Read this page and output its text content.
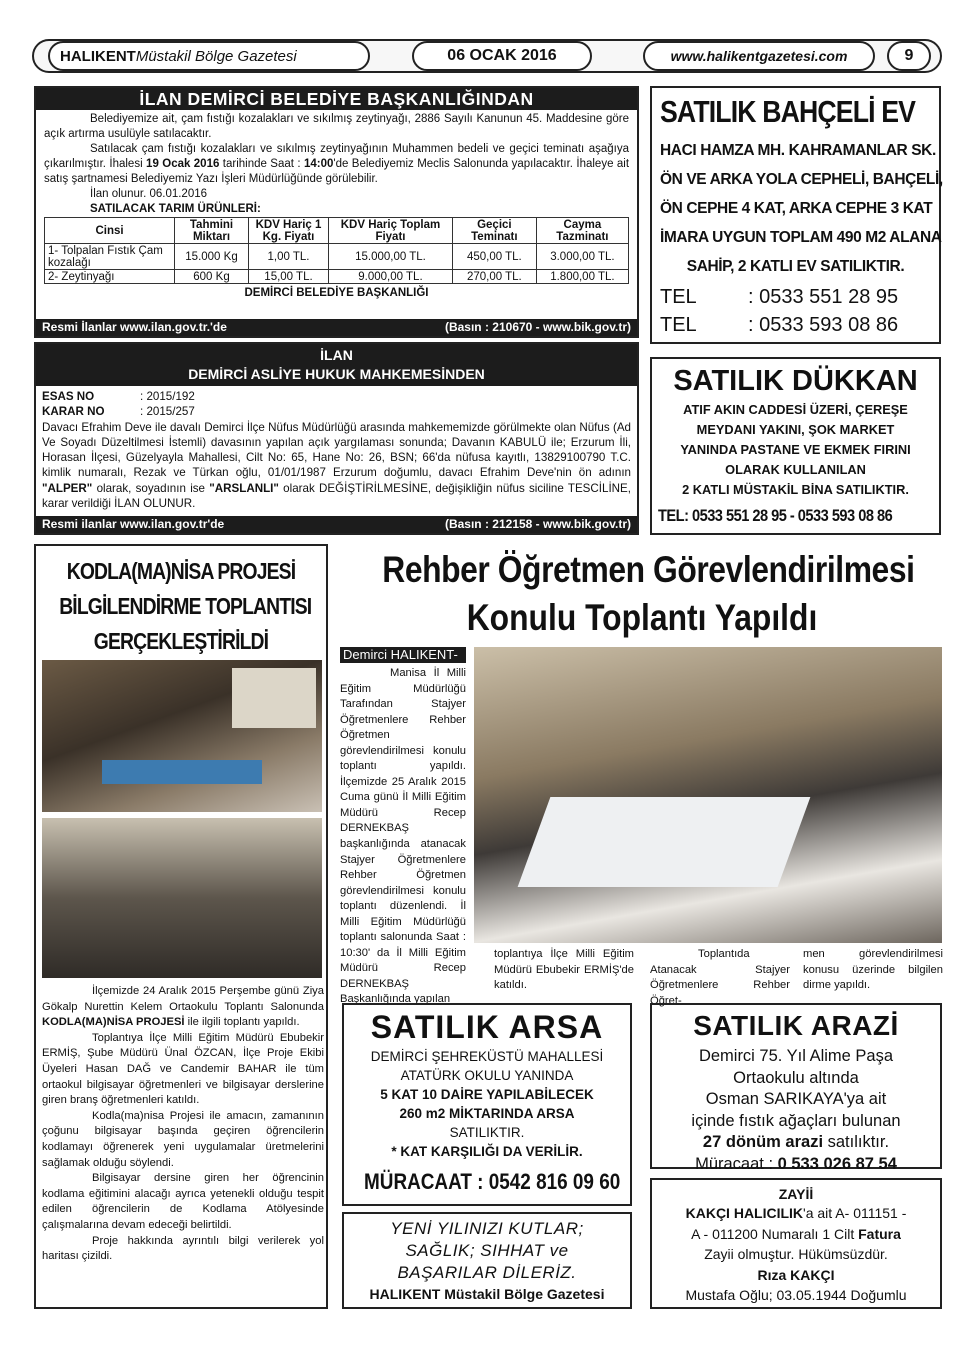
HALIKENT Müstakil Bölge Gazetesi	06 OCAK 2016	www.halikentgazetesi.com	9
İLAN DEMİRCİ BELEDİYE BAŞKANLIĞINDAN

Belediyemize ait, çam fıstığı kozalakları ve sıkılmış zeytinyağı, 2886 Sayılı Kanunun 45. Maddesine göre açık artırma usulüyle satılacaktır.

Satılacak çam fıstığı kozalakları ve sıkılmış zeytinyağının Muhammen bedeli ve geçici teminatı aşağıya çıkarılmıştır. İhalesi 19 Ocak 2016 tarihinde Saat : 14:00'de Belediyemiz Meclis Salonunda yapılacaktır. İhaleye ait satış şartnamesi Belediyemiz Yazı İşleri Müdürlüğünde görülebilir.

İlan olunur. 06.01.2016

SATILACAK TARIM ÜRÜNLERİ:

Cinsi	Tahmini Miktarı	KDV Hariç 1 Kg. Fiyatı	KDV Hariç Toplam Fiyatı	Geçici Teminatı	Cayma Tazminatı
1- Tolpalan Fıstık Çam kozalağı	15.000 Kg	1,00 TL.	15.000,00 TL.	450,00 TL.	3.000,00 TL.
2- Zeytinyağı	600 Kg	15,00 TL.	9.000,00 TL.	270,00 TL.	1.800,00 TL.

DEMİRCİ BELEDİYE BAŞKANLIĞI

Resmi İlanlar www.ilan.gov.tr.'de	(Basın : 210670 - www.bik.gov.tr)
İLAN
DEMİRCİ ASLİYE HUKUK MAHKEMESİNDEN
ESAS NO	: 2015/192
KARAR NO	: 2015/257

Davacı Efrahim Deve ile davalı Demirci İlçe Nüfus Müdürlüğü arasında mahkememizde görülmekte olan Nüfus (Ad Ve Soyadı Düzeltilmesi İstemli) davasının yapılan açık yargılaması sonunda; Davanın KABULÜ ile; Erzurum İli, Horasan İlçesi, Güzelyayla Mahallesi, Cilt No: 65, Hane No: 26, BSN; 66'da nüfusa kayıtlı, 13829100790 T.C. kimlik numaralı, Rezak ve Türkan oğlu, 01/01/1987 Erzurum doğumlu, davacı Efrahim Deve'nin ön adının "ALPER" olarak, soyadının ise "ARSLANLI" olarak DEĞİŞTİRİLMESİNE, değişikliğin nüfus siciline TESCİLİNE, karar verildiği İLAN OLUNUR.

Resmi ilanlar www.ilan.gov.tr'de	(Basın : 212158 - www.bik.gov.tr)
SATILIK BAHÇELİ EV
HACI HAMZA MH. KAHRAMANLAR SK.
ÖN VE ARKA YOLA CEPHELİ, BAHÇELİ,
ÖN CEPHE 4 KAT, ARKA CEPHE 3 KAT
İMARA UYGUN TOPLAM 490 M2 ALANA
SAHİP, 2 KATLI EV SATILIKTIR.
TEL	: 0533 551 28 95
TEL	: 0533 593 08 86
SATILIK DÜKKAN
ATIF AKIN CADDESİ ÜZERİ, ÇEREŞE
MEYDANI YAKINI, ŞOK MARKET
YANINDA PASTANE VE EKMEK FIRINI
OLARAK KULLANILAN
2 KATLI MÜSTAKİL BİNA SATILIKTIR.
TEL: 0533 551 28 95 - 0533 593 08 86
KODLA(MA)NİSA PROJESİ
BİLGİLENDİRME TOPLANTISI
GERÇEKLEŞTİRİLDİ

İlçemizde 24 Aralık 2015 Perşembe günü Ziya Gökalp Nurettin Kelem Ortaokulu Toplantı Salonunda KODLA(MA)NİSA PROJESİ ile ilgili toplantı yapıldı.

Toplantıya İlçe Milli Eğitim Müdürü Ebubekir ERMİŞ, Şube Müdürü Ünal ÖZCAN, İlçe Proje Ekibi Üyeleri Hasan DAĞ ve Candemir BAHAR ile tüm ortaokul bilgisayar öğretmenleri ve bilgisayar derslerine giren branş öğretmenleri katıldı.

Kodla(ma)nisa Projesi ile amacın, zamanının çoğunu bilgisayar başında geçiren öğrencilerin kodlamayı öğrenerek yeni uygulamalar üretmelerini sağlamak olduğu söylendi.

Bilgisayar dersine giren her öğrencinin kodlama eğitimini alacağı ayrıca yetenekli olduğu tespit edilen öğrencilerin de Kodlama Atölyesinde çalışmalarına devam edeceği belirtildi.

Proje hakkında ayrıntılı bilgi verilerek yol haritası çizildi.

Rehber Öğretmen Görevlendirilmesi
Konulu Toplantı Yapıldı
Demirci HALIKENT-
Manisa İl Milli Eğitim Müdürlüğü Tarafından Stajyer Öğretmenlere Rehber Öğretmen görevlendirilmesi konulu toplantı yapıldı. İlçemizde 25 Aralık 2015 Cuma günü İl Milli Eğitim Müdürü Recep DERNEKBAŞ başkanlığında atanacak Stajyer Öğretmenlere Rehber Öğretmen görevlendirilmesi konulu toplantı düzenlendi. İl Milli Eğitim Müdürlüğü toplantı salonunda Saat : 10:30' da İl Milli Eğitim Müdürü Recep DERNEKBAŞ Başkanlığında yapılan
toplantıya İlçe Milli Eğitim Müdürü Ebubekir ERMİŞ'de katıldı.
Toplantıda Atanacak Stajyer Öğretmenlere Rehber Öğret-
men görevlendirilmesi konusu üzerinde bilgilen dirme yapıldı.
SATILIK ARSA
DEMİRCİ ŞEHREKÜSTÜ MAHALLESİ
ATATÜRK OKULU YANINDA
5 KAT 10 DAİRE YAPILABİLECEK
260 m2 MİKTARINDA ARSA
SATILIKTIR.
* KAT KARŞILIĞI DA VERİLİR.
MÜRACAAT : 0542 816 09 60
YENİ YILINIZI KUTLAR;
SAĞLIK; SIHHAT ve
BAŞARILAR DİLERİZ.
HALIKENT Müstakil Bölge Gazetesi
SATILIK ARAZİ
Demirci 75. Yıl Alime Paşa
Ortaokulu altında
Osman SARIKAYA'ya ait
içinde fıstık ağaçları bulunan
27 dönüm arazi satılıktır.
Müracaat : 0 533 026 87 54
ZAYİİ
KAKÇI HALICILIK'a ait A- 011151 -
A - 011200 Numaralı 1 Cilt Fatura
Zayii olmuştur. Hükümsüzdür.
Rıza KAKÇI
Mustafa Oğlu; 03.05.1944 Doğumlu
